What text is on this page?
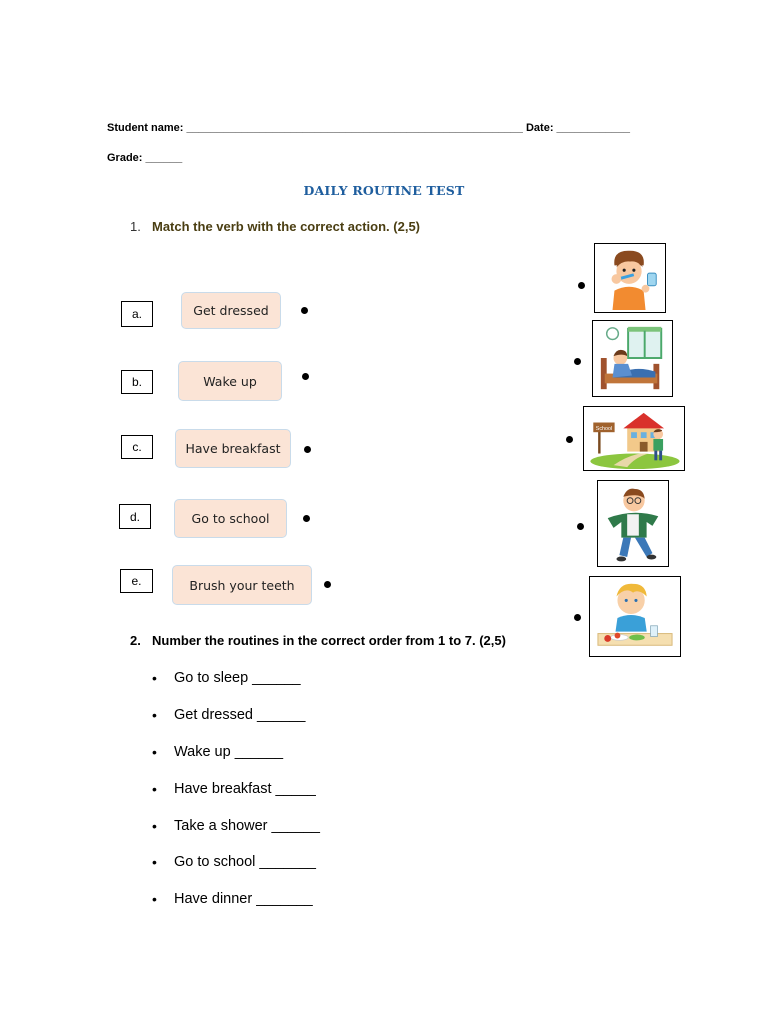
Student name: _______________________________________________________ Date: ____________
Grade: ______
DAILY ROUTINE TEST
1. Match the verb with the correct action. (2,5)
a.
b.
c.
d.
e.
Get dressed
Wake up
Have breakfast
Go to school
Brush your teeth
School
2. Number the routines in the correct order from 1 to 7. (2,5)
•	Go to sleep ______
•	Get dressed ______
•	Wake up ______
•	Have breakfast _____
•	Take a shower ______
•	Go to school _______
•	Have dinner _______
